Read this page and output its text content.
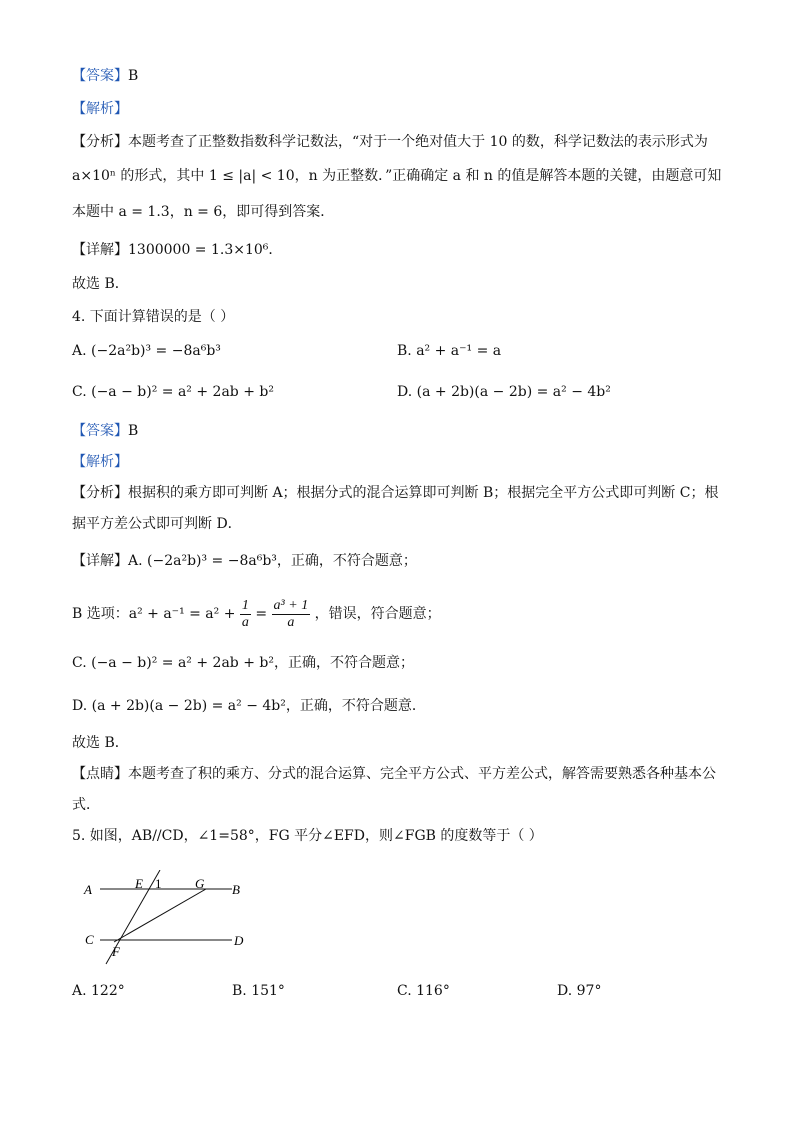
【答案】B
【解析】
【分析】本题考查了正整数指数科学记数法，“对于一个绝对值大于 10 的数，科学记数法的表示形式为
a×10ⁿ 的形式，其中 1 ≤ |a| < 10，n 为正整数．”正确确定 a 和 n 的值是解答本题的关键，由题意可知
本题中 a = 1.3，n = 6，即可得到答案．
【详解】1300000 = 1.3×10⁶．
故选 B．
4. 下面计算错误的是（ ）
A. (−2a²b)³ = −8a⁶b³	B. a² + a⁻¹ = a
C. (−a − b)² = a² + 2ab + b²	D. (a + 2b)(a − 2b) = a² − 4b²
【答案】B
【解析】
【分析】根据积的乘方即可判断 A；根据分式的混合运算即可判断 B；根据完全平方公式即可判断 C；根
据平方差公式即可判断 D．
【详解】A. (−2a²b)³ = −8a⁶b³，正确，不符合题意；
B 选项：$a^2 + a^{-1} = a^2 + \frac{1}{a} = \frac{\text{a³ + 1}}{a}$ ，错误，符合题意；
C. (−a − b)² = a² + 2ab + b²，正确，不符合题意；
D. (a + 2b)(a − 2b) = a² − 4b²，正确，不符合题意．
故选 B．
【点睛】本题考查了积的乘方、分式的混合运算、完全平方公式、平方差公式，解答需要熟悉各种基本公
式．
5. 如图，AB//CD，∠1=58°，FG 平分∠EFD，则∠FGB 的度数等于（ ）
A	B
C	D
E 1
F
G
A. 122°	B. 151°	C. 116°	D. 97°
